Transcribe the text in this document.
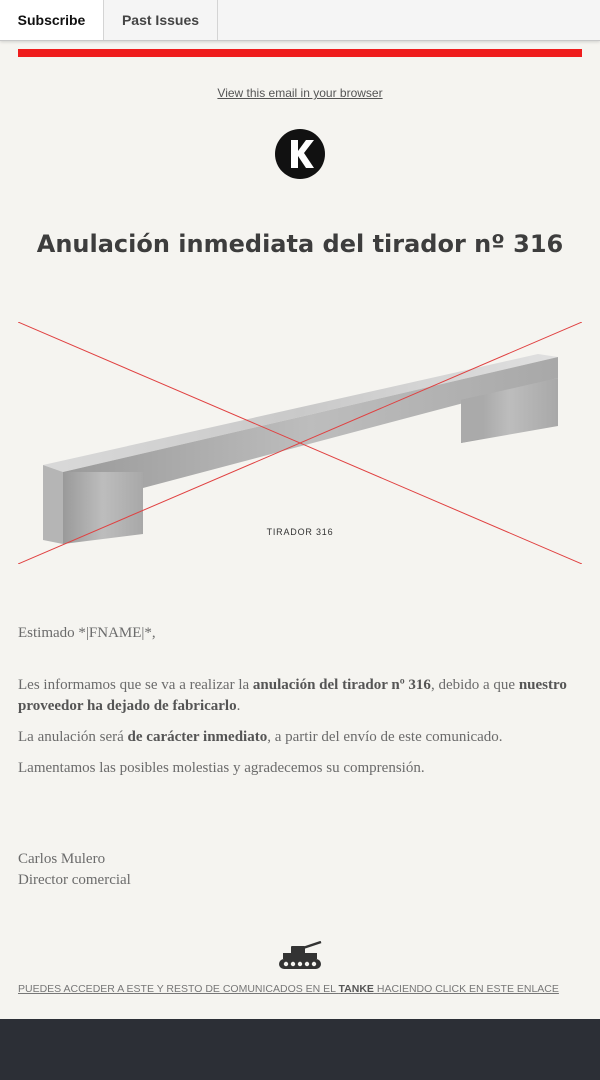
Subscribe	Past Issues
View this email in your browser
Anulación inmediata del tirador nº 316
TIRADOR 316
Estimado *|FNAME|*,
Les informamos que se va a realizar la anulación del tirador nº 316, debido a que nuestro proveedor ha dejado de fabricarlo.
La anulación será de carácter inmediato, a partir del envío de este comunicado.
Lamentamos las posibles molestias y agradecemos su comprensión.
Carlos Mulero
Director comercial
PUEDES ACCEDER A ESTE Y RESTO DE COMUNICADOS EN EL TANKE HACIENDO CLICK EN ESTE ENLACE
